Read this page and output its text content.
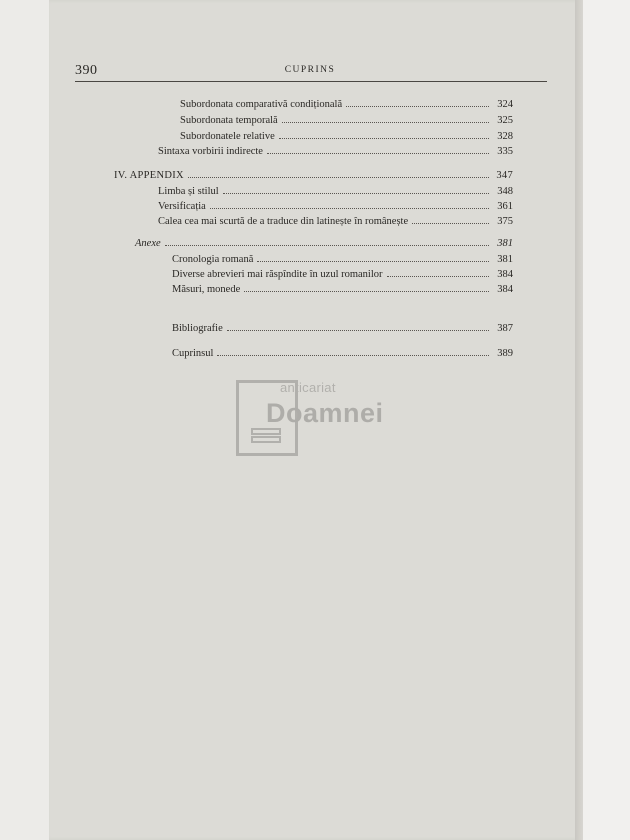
390	CUPRINS
Subordonata comparativă condițională	324
Subordonata temporală	325
Subordonatele relative	328
Sintaxa vorbirii indirecte	335
IV. APPENDIX	347
Limba și stilul	348
Versificația	361
Calea cea mai scurtă de a traduce din latinește în românește	375
Anexe	381
Cronologia romană	381
Diverse abrevieri mai răspîndite în uzul romanilor	384
Măsuri, monede	384
Bibliografie	387
Cuprinsul	389
anticariat
Doamnei
